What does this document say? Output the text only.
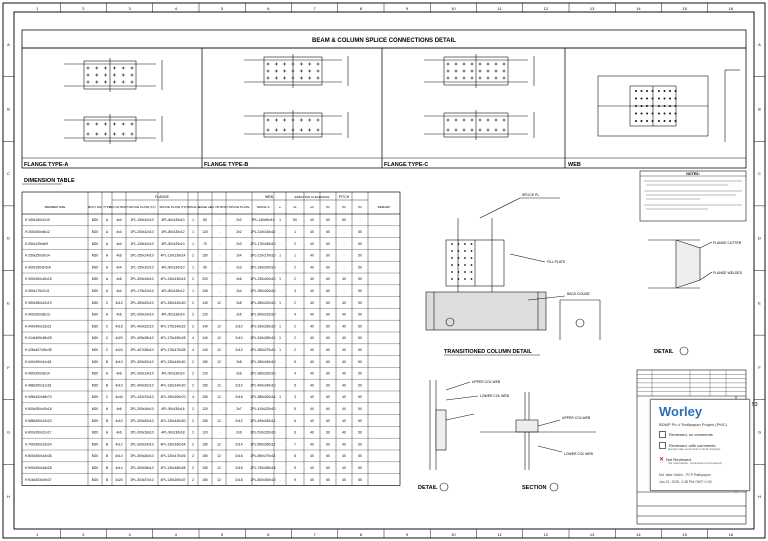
1
1
2
2
3
3
4
4
5
5
6
6
7
7
8
8
9
9
10
10
11
11
12
12
13
13
14
14
15
15
16
16
A	A
B	B
C	C
D	D
E	E
F	F
G	G
H	H
BEAM & COLUMN SPLICE CONNECTIONS DETAIL
FLANGE TYPE-A	FLANGE TYPE-B	FLANGE TYPE-C	WEB
DIMENSION TABLE
FLANGE	WEB	ERECTION CLEARANCE	PITCH
MEMBER SIZE	BOLT DIA TYPE NO OF BOLT SPLICE PLATE (T1) SPLICE PLATE (T2) SPACE S EDGE e1
NO OF BOLT SPLICE PLATE SPACE S	e	e1	e2	P1	P2	P3	REMARK
H 150x150x7x10	M20 A 4x4	1PL-150x10x10 4PL-60x130x10 1	80	-	2x2	2PL-140x90x10 1	50	40	60	50	-
H 200x200x8x12	M20 A 4x4	1PL-200x12x10 4PL-80x130x12 1	120	-	2x2	2PL-110x140x10 -	1	40	60	-	50
H 250x125x6x9	M20 A 4x4	1PL-125x10x10 4PL-50x120x10 1	70	-	2x3	2PL-170x150x10 -	2	40	60	-	50
H 250x250x9x14	M20 A 4x6	2PL-250x14x10 4PL-110x130x14 2	150	-	2x4	2PL-210x170x10 1	1	40	60	-	50
H 300x150x6.5x9	M20 A 4x4	1PL-150x10x10 4PL-60x130x10 1	90	-	2x3	2PL-190x200x10 -	2	40	60	-	50
H 300x300x10x15	M20 A 4x6	2PL-300x15x10 4PL-130x130x15 2	200	-	2x6	2PL-230x200x10 1	2	40	60	40	50
H 350x175x7x11	M20 A 4x4	1PL-175x12x10 4PL-80x130x12 1	105	-	2x4	2PL-250x200x10 -	3	40	60	-	50
H 350x350x12x19	M20 C 4x12 2PL-350x20x10 4PL-150x140x20 2	140	12	2x8	2PL-280x220x10 1	2	40	60	40	50
H 400x200x8x13	M20 A 4x6	2PL-200x14x10 4PL-90x130x14 2	120	-	2x5	2PL-300x210x10 -	4	40	60	40	50
H 400x400x13x21	M20 C 4x16 2PL-400x22x10 4PL-175x140x22 2	140	12	2x10 2PL-330x230x10 1	2	40	60	40	50
H 414x405x18x28	M20 C 4x20 2PL-405x28x10 4PL-175x150x28 4	140	12	2x10 2PL-340x250x10 1	2	40	60	40	50
H 428x407x20x35	M20 C 4x24 2PL-407x35x10 4PL-176x170x35 4	140	12	2x12 2PL-350x270x10 1	2	40	60	40	50
H 440x300x11x18	M20 B 4x10 2PL-300x20x10 4PL-130x140x20 2	150	12	2x8	2PL-360x240x10 -	5	40	60	40	50
H 450x200x9x14	M20 A 4x6	2PL-200x14x10 4PL-90x130x14 2	120	-	2x6	2PL-360x220x10 -	4	40	60	40	50
H 488x300x11x18	M20 B 4x10 2PL-300x20x10 4PL-130x140x20 2	150	12	2x10 2PL-400x240x10 -	5	40	60	40	50
H 498x432x45x70	M20 C 4x44 2PL-432x70x10 4PL-190x200x70 4	150	12	2x16 2PL-380x300x16 1	3	40	60	40	50
H 500x200x10x16	M20 A 4x6	2PL-200x16x10 4PL-90x130x16 2	120	-	2x7	2PL-410x220x10 -	5	40	60	40	50
H 588x300x12x20	M20 B 4x10 2PL-300x20x10 4PL-130x140x20 2	150	12	2x12 2PL-490x240x12 -	6	40	60	40	50
H 600x200x11x17	M20 A 4x6	2PL-200x18x10 4PL-90x130x18 2	120	-	2x9	2PL-510x220x10 -	6	40	60	40	50
H 700x300x13x24	M20 B 4x12 2PL-300x24x10 4PL-130x160x24 2	150	12	2x14 2PL-590x260x12 -	7	40	60	40	50
H 800x300x14x26	M20 B 4x14 2PL-300x26x10 4PL-130x170x26 2	150	12	2x16 2PL-690x270x14 -	8	40	60	40	50
H 900x300x16x28	M20 B 4x14 2PL-300x28x10 4PL-130x180x28 2	150	12	2x18 2PL-790x280x16 -	9	40	60	40	50
H 918x303x19x37	M20 B 4x20 2PL-303x37x10 4PL-130x200x37 2	150	12	2x18 2PL-800x300x19 -	9	40	60	40	50
NOTES:
SPLICE PL.
FILL PLATE
BACK GOUGE
TRANSITIONED COLUMN DETAIL
FLANGE CUTTER
FLANGE WELDED
DETAIL
UPPER COL WEB
LOWER COL WEB
DETAIL
UPPER COL WEB
LOWER COL WEB
SECTION
Worley
BDMP Ph-V Ratlipapan Project (PMC)
Reviewed, no comments
Reviewed, with comments
(incorporate comments in final revision)
✕ Not Reviewed
(for information, comments not required)
Md Jafar Uddin - PCP Ratlipapan
Jan 21, 2025, 1:38 PM GMT+1:00
53
